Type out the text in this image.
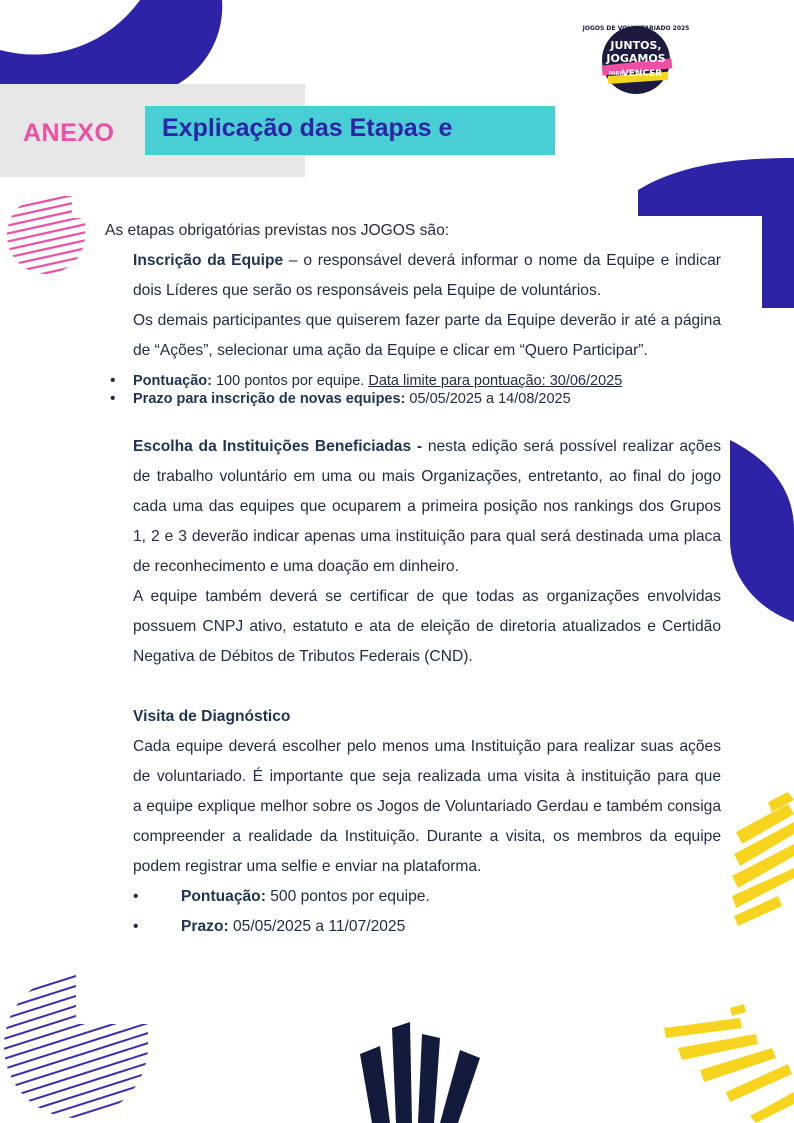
JOGOS DE VOLUNTARIADO 2025
JUNTOS,
JOGAMOS
PARA
VENCER
ANEXO Explicação das Etapas e
As etapas obrigatórias previstas nos JOGOS são:
Inscrição da Equipe – o responsável deverá informar o nome da Equipe e indicar
dois Líderes que serão os responsáveis pela Equipe de voluntários.
Os demais participantes que quiserem fazer parte da Equipe deverão ir até a página
de “Ações”, selecionar uma ação da Equipe e clicar em “Quero Participar”.
• Pontuação: 100 pontos por equipe. Data limite para pontuação: 30/06/2025
• Prazo para inscrição de novas equipes: 05/05/2025 a 14/08/2025
Escolha da Instituições Beneficiadas - nesta edição será possível realizar ações
de trabalho voluntário em uma ou mais Organizações, entretanto, ao final do jogo
cada uma das equipes que ocuparem a primeira posição nos rankings dos Grupos
1, 2 e 3 deverão indicar apenas uma instituição para qual será destinada uma placa
de reconhecimento e uma doação em dinheiro.
A equipe também deverá se certificar de que todas as organizações envolvidas
possuem CNPJ ativo, estatuto e ata de eleição de diretoria atualizados e Certidão
Negativa de Débitos de Tributos Federais (CND).
Visita de Diagnóstico
Cada equipe deverá escolher pelo menos uma Instituição para realizar suas ações
de voluntariado. É importante que seja realizada uma visita à instituição para que
a equipe explique melhor sobre os Jogos de Voluntariado Gerdau e também consiga
compreender a realidade da Instituição. Durante a visita, os membros da equipe
podem registrar uma selfie e enviar na plataforma.
•	Pontuação: 500 pontos por equipe.
•	Prazo: 05/05/2025 a 11/07/2025
